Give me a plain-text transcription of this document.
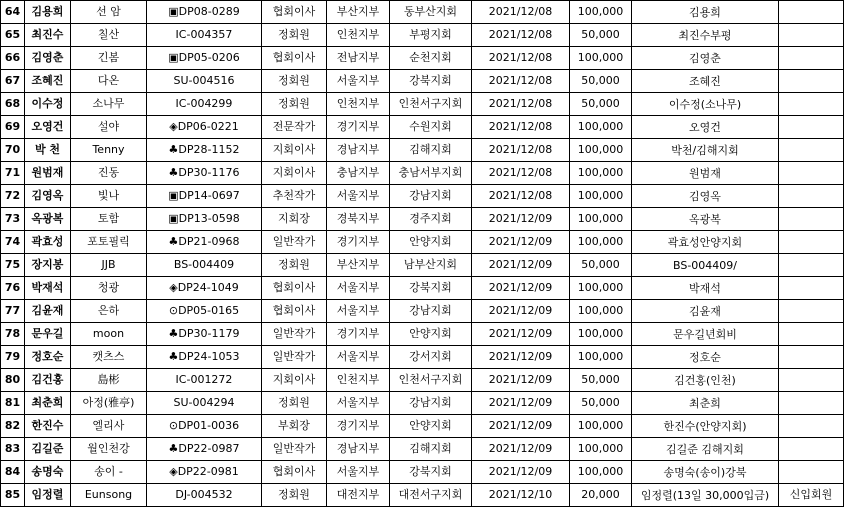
64	김용희	선 암	▣DP08-0289	협회이사	부산지부	동부산지회	2021/12/08	100,000	김용희	
65	최진수	칠산	IC-004357	정회원	인천지부	부평지회	2021/12/08	50,000	최진수부평	
66	김영춘	긴봄	▣DP05-0206	협회이사	전남지부	순천지회	2021/12/08	100,000	김영춘	
67	조혜진	다온	SU-004516	정회원	서울지부	강북지회	2021/12/08	50,000	조혜진	
68	이수정	소나무	IC-004299	정회원	인천지부	인천서구지회	2021/12/08	50,000	이수정(소나무)	
69	오영건	설야	◈DP06-0221	전문작가	경기지부	수원지회	2021/12/08	100,000	오영건	
70	박 천	Tenny	♣DP28-1152	지회이사	경남지부	김해지회	2021/12/08	100,000	박천/김해지회	
71	원범재	진동	♣DP30-1176	지회이사	충남지부	충남서부지회	2021/12/08	100,000	원범재	
72	김영옥	빛나	▣DP14-0697	추천작가	서울지부	강남지회	2021/12/08	100,000	김영옥	
73	옥광복	토함	▣DP13-0598	지회장	경북지부	경주지회	2021/12/09	100,000	옥광복	
74	곽효성	포토필릭	♣DP21-0968	일반작가	경기지부	안양지회	2021/12/09	100,000	곽효성안양지회	
75	장지봉	JJB	BS-004409	정회원	부산지부	남부산지회	2021/12/09	50,000	BS-004409/	
76	박재석	청광	◈DP24-1049	협회이사	서울지부	강북지회	2021/12/09	100,000	박재석	
77	김윤재	은하	⊙DP05-0165	협회이사	서울지부	강남지회	2021/12/09	100,000	김윤재	
78	문우길	moon	♣DP30-1179	일반작가	경기지부	안양지회	2021/12/09	100,000	문우길년회비	
79	정호순	캣츠스	♣DP24-1053	일반작가	서울지부	강서지회	2021/12/09	100,000	정호순	
80	김건홍	島彬	IC-001272	지회이사	인천지부	인천서구지회	2021/12/09	50,000	김건홍(인천)	
81	최춘희	아정(雅亭)	SU-004294	정회원	서울지부	강남지회	2021/12/09	50,000	최춘희	
82	한진수	엘리사	⊙DP01-0036	부회장	경기지부	안양지회	2021/12/09	100,000	한진수(안양지회)	
83	김길준	월인천강	♣DP22-0987	일반작가	경남지부	김해지회	2021/12/09	100,000	김길준 김해지회	
84	송명숙	송이 -	◈DP22-0981	협회이사	서울지부	강북지회	2021/12/09	100,000	송명숙(송이)강북	
85	임정렬	Eunsong	DJ-004532	정회원	대전지부	대전서구지회	2021/12/10	20,000	임정렬(13일 30,000입금)	신입회원
